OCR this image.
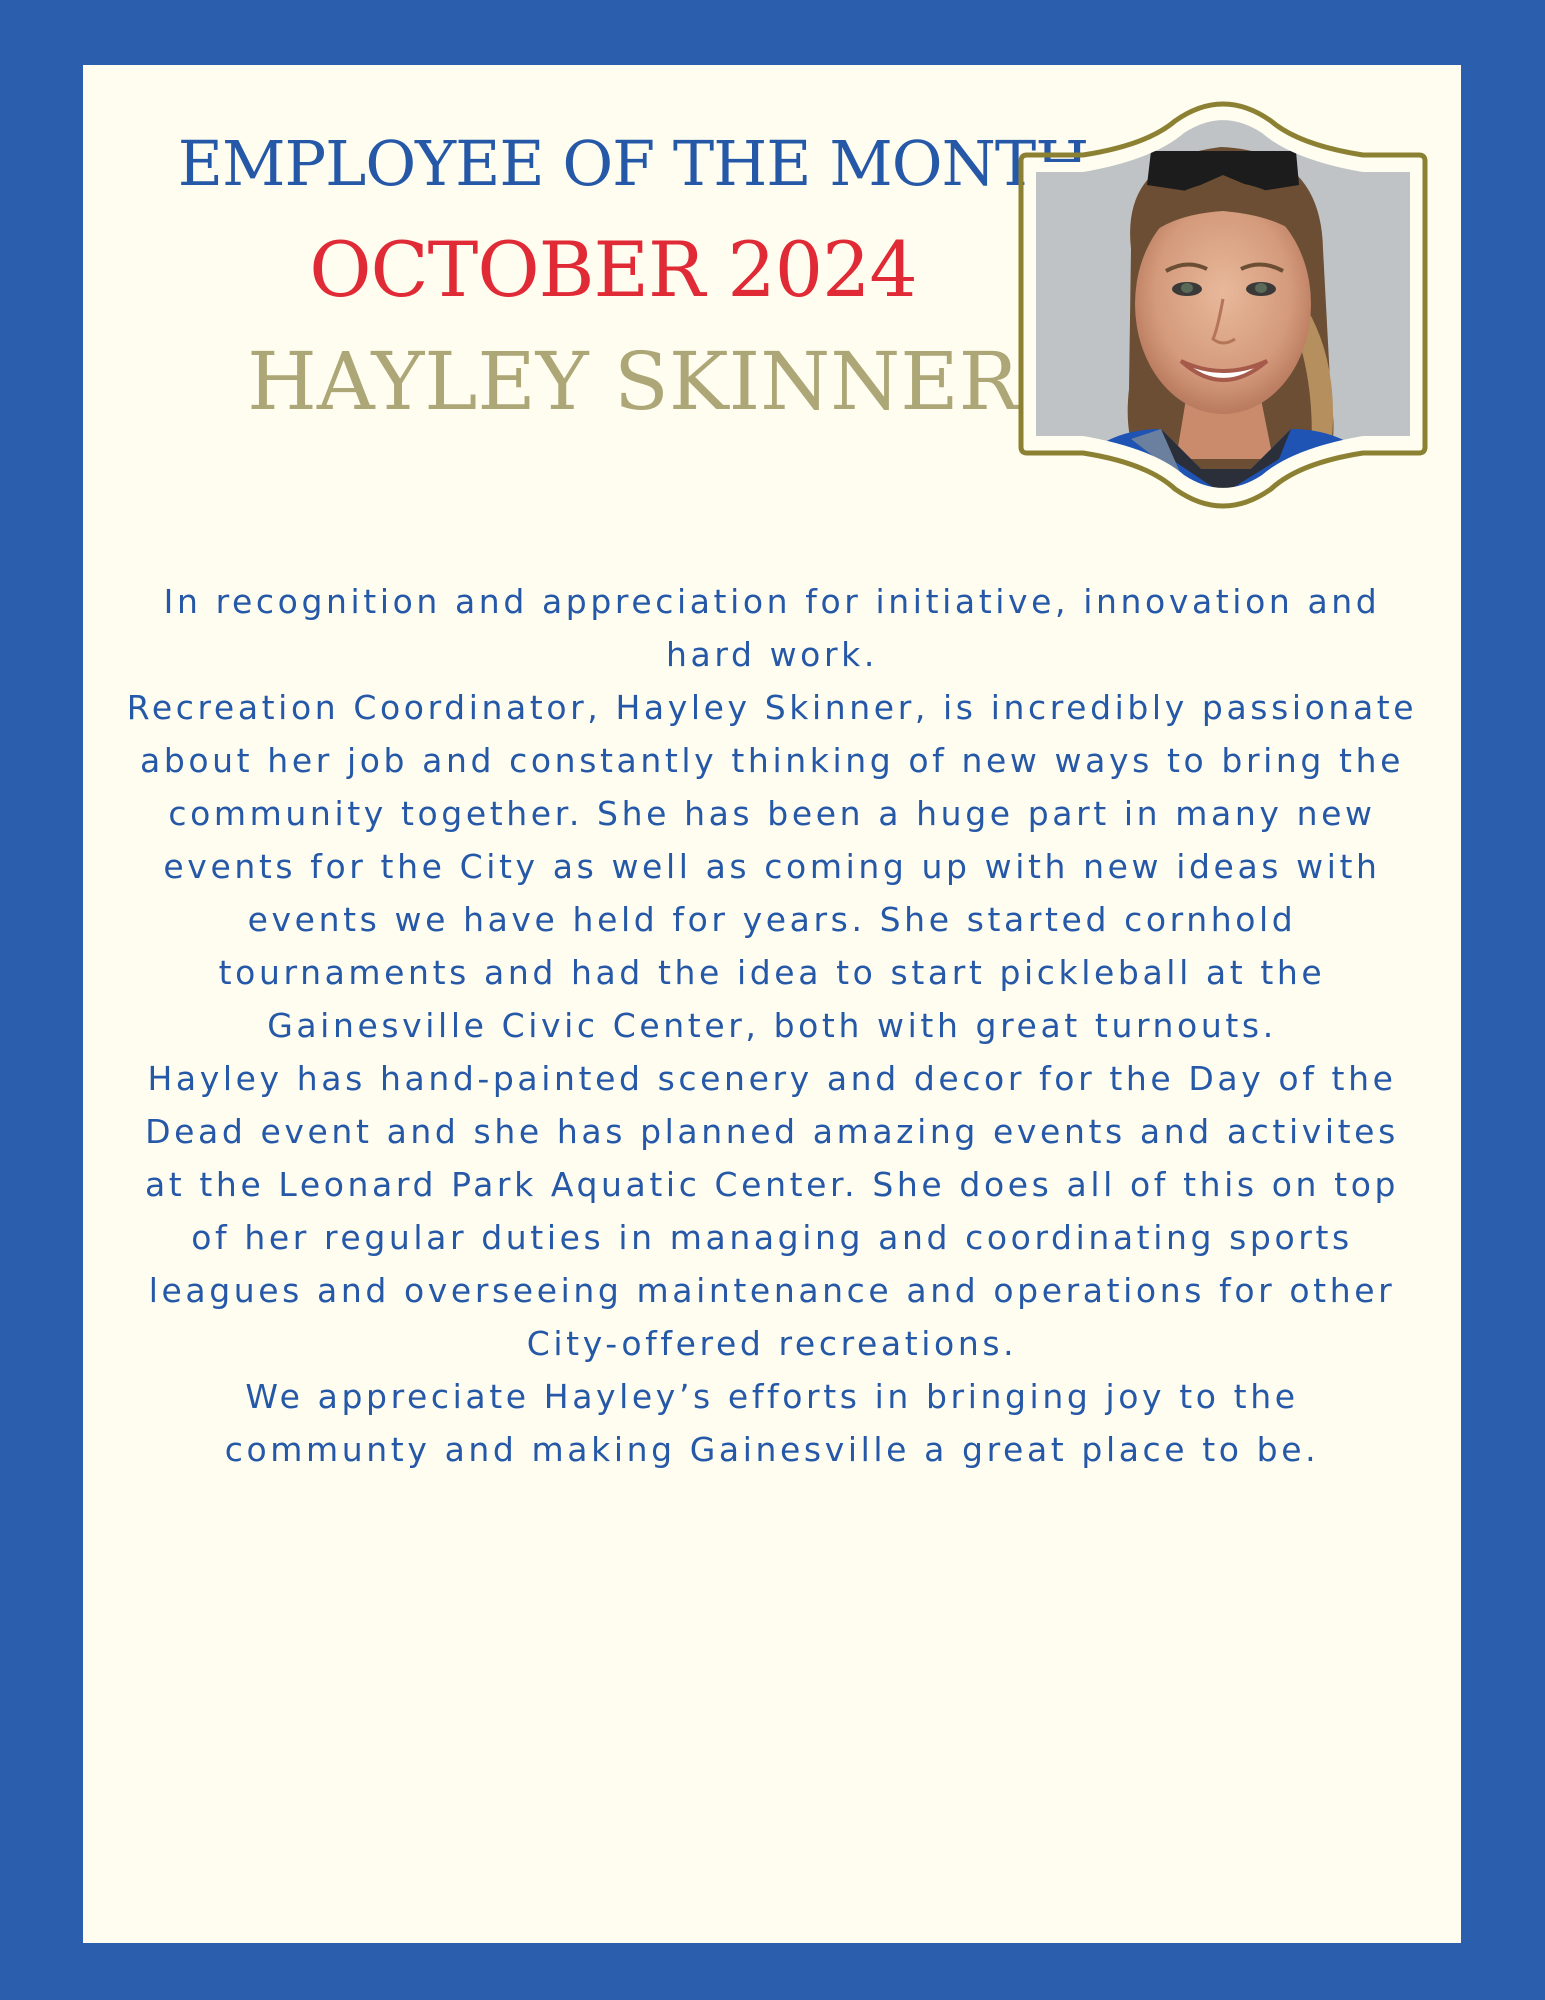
EMPLOYEE OF THE MONTH
OCTOBER 2024
HAYLEY SKINNER

In recognition and appreciation for initiative, innovation and hard work.

Recreation Coordinator, Hayley Skinner, is incredibly passionate about her job and constantly thinking of new ways to bring the community together. She has been a huge part in many new events for the City as well as coming up with new ideas with events we have held for years. She started cornhold tournaments and had the idea to start pickleball at the Gainesville Civic Center, both with great turnouts.

Hayley has hand-painted scenery and decor for the Day of the Dead event and she has planned amazing events and activites at the Leonard Park Aquatic Center. She does all of this on top of her regular duties in managing and coordinating sports leagues and overseeing maintenance and operations for other City-offered recreations.

We appreciate Hayley’s efforts in bringing joy to the communty and making Gainesville a great place to be.
